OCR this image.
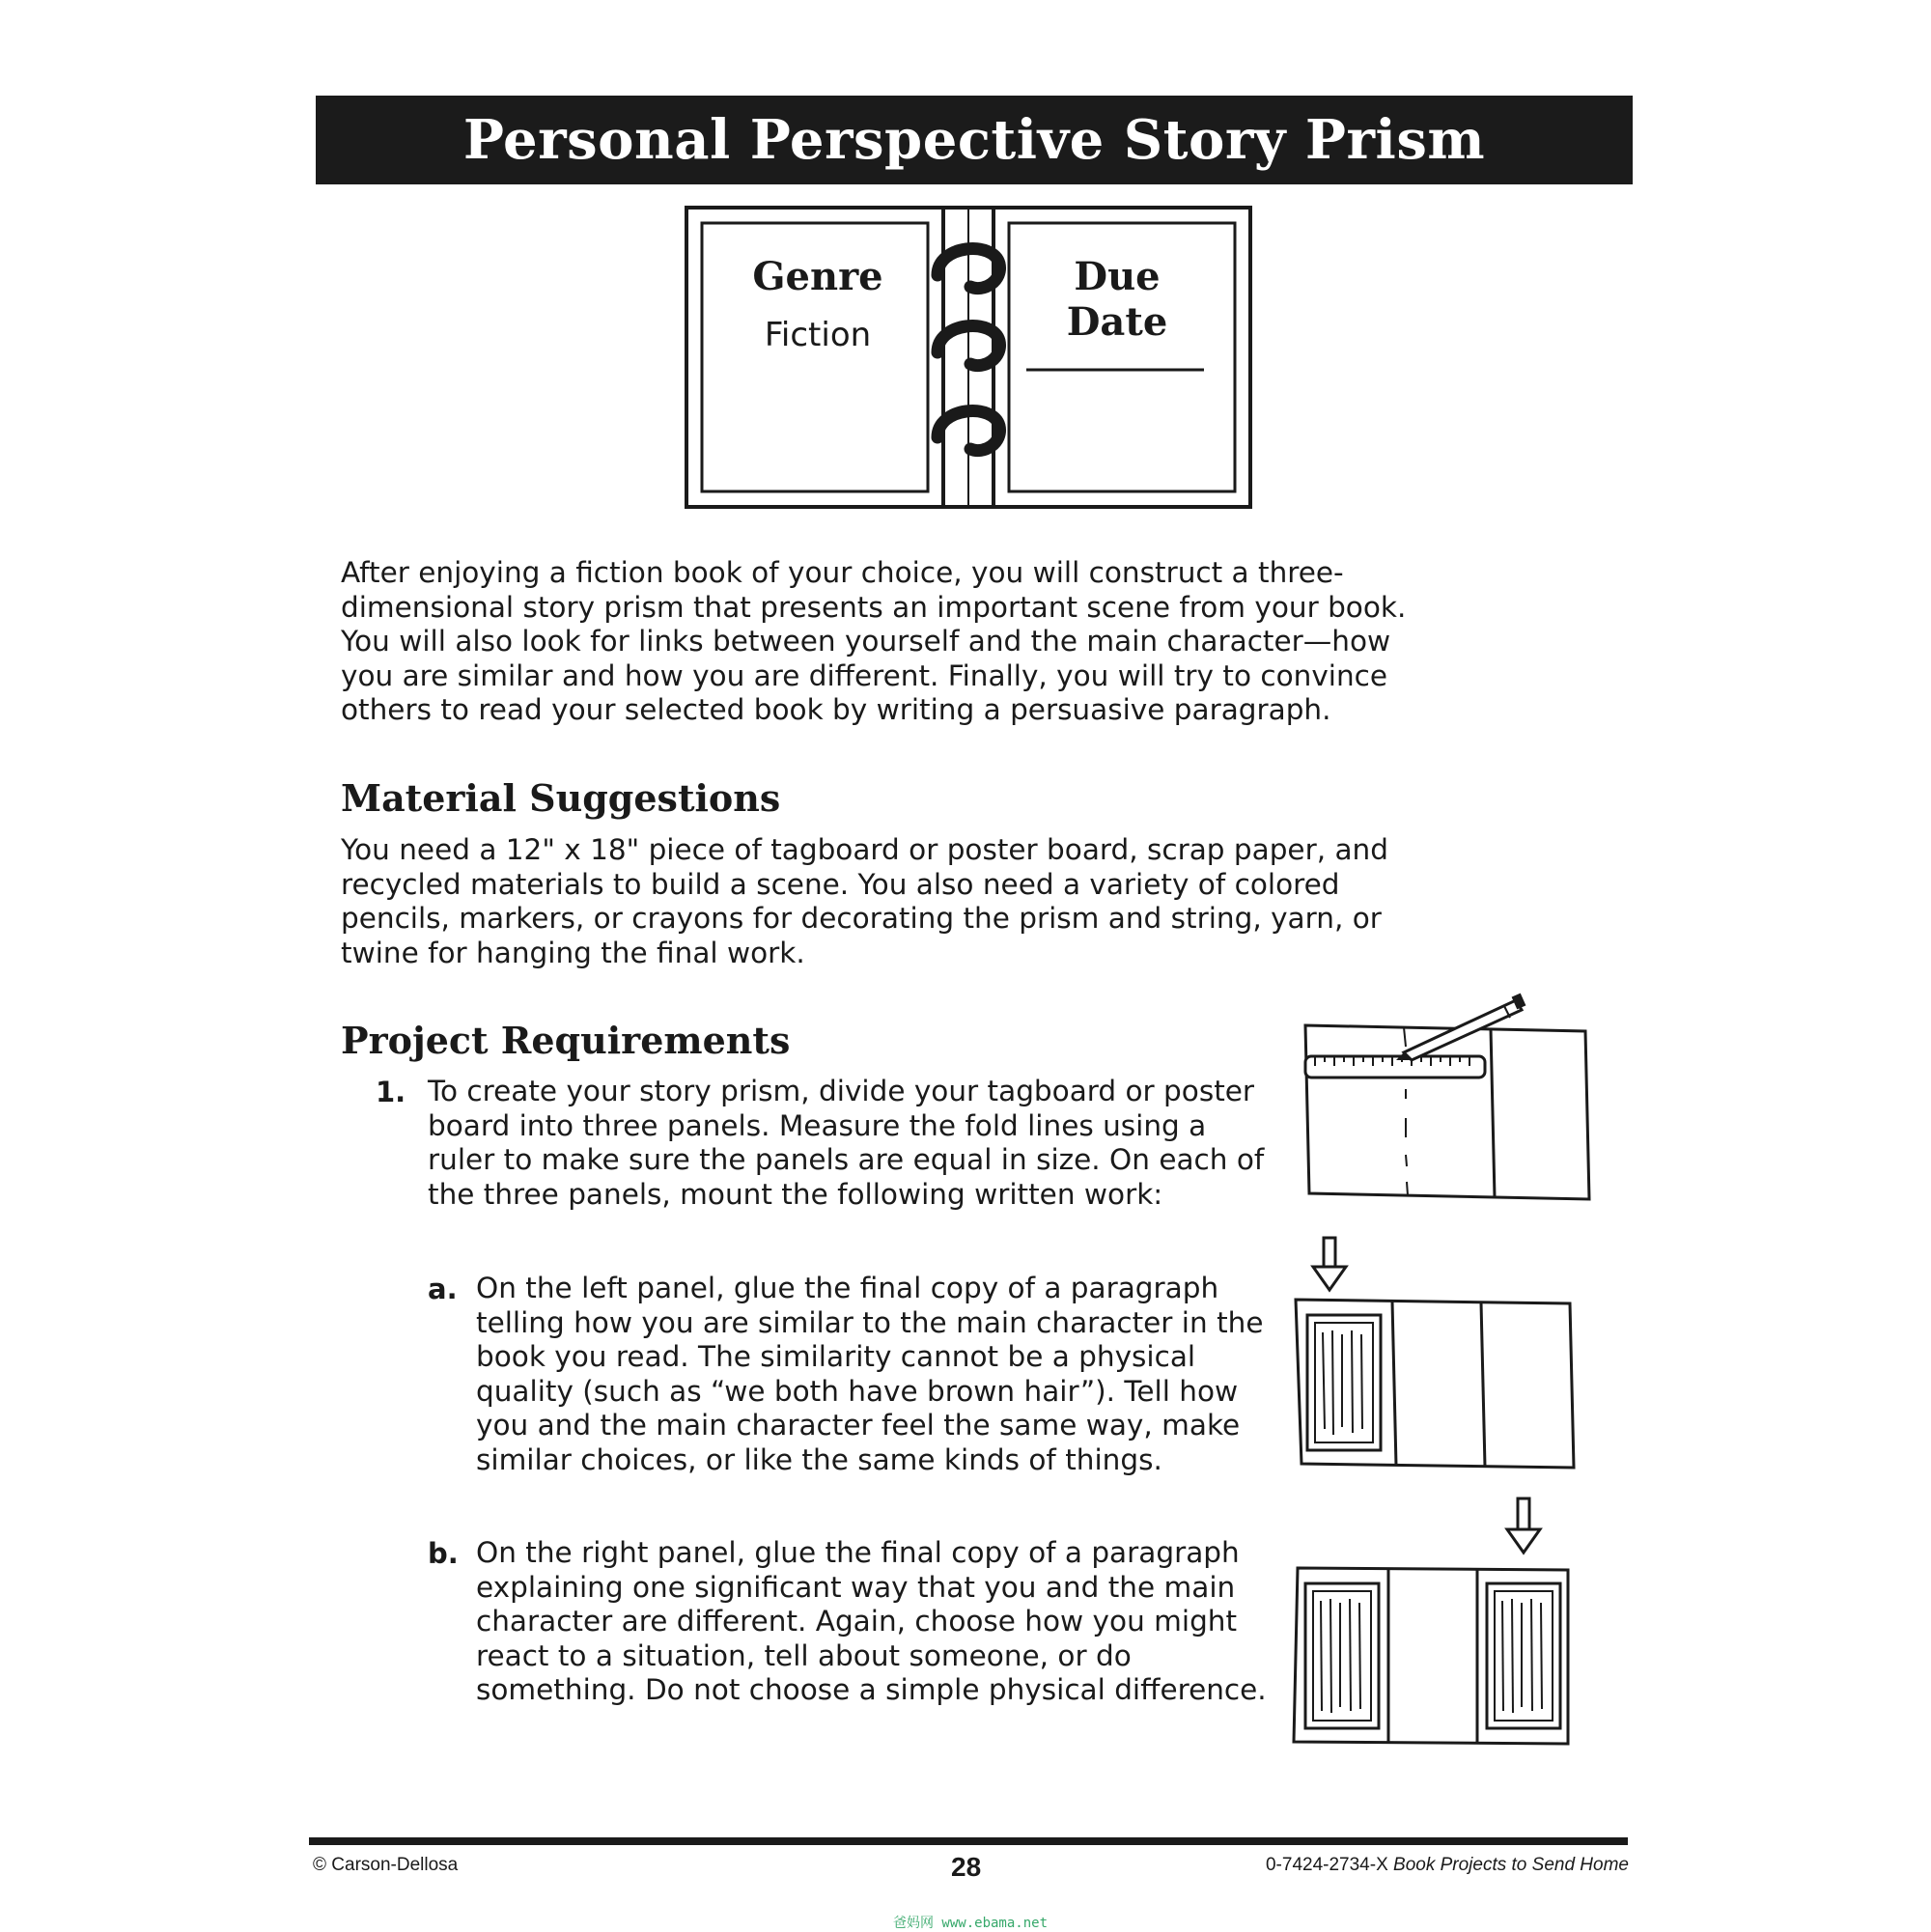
Personal Perspective Story Prism
Genre
Fiction
Due Date
After enjoying a fiction book of your choice, you will construct a three-dimensional story prism that presents an important scene from your book. You will also look for links between yourself and the main character—how you are similar and how you are different. Finally, you will try to convince others to read your selected book by writing a persuasive paragraph.
Material Suggestions
You need a 12" x 18" piece of tagboard or poster board, scrap paper, and recycled materials to build a scene. You also need a variety of colored pencils, markers, or crayons for decorating the prism and string, yarn, or twine for hanging the final work.
Project Requirements
1. To create your story prism, divide your tagboard or poster board into three panels. Measure the fold lines using a ruler to make sure the panels are equal in size. On each of the three panels, mount the following written work:
a. On the left panel, glue the final copy of a paragraph telling how you are similar to the main character in the book you read. The similarity cannot be a physical quality (such as “we both have brown hair”). Tell how you and the main character feel the same way, make similar choices, or like the same kinds of things.
b. On the right panel, glue the final copy of a paragraph explaining one significant way that you and the main character are different. Again, choose how you might react to a situation, tell about someone, or do something. Do not choose a simple physical difference.
© Carson-Dellosa	28	0-7424-2734-X Book Projects to Send Home
爸妈网 www.ebama.net
